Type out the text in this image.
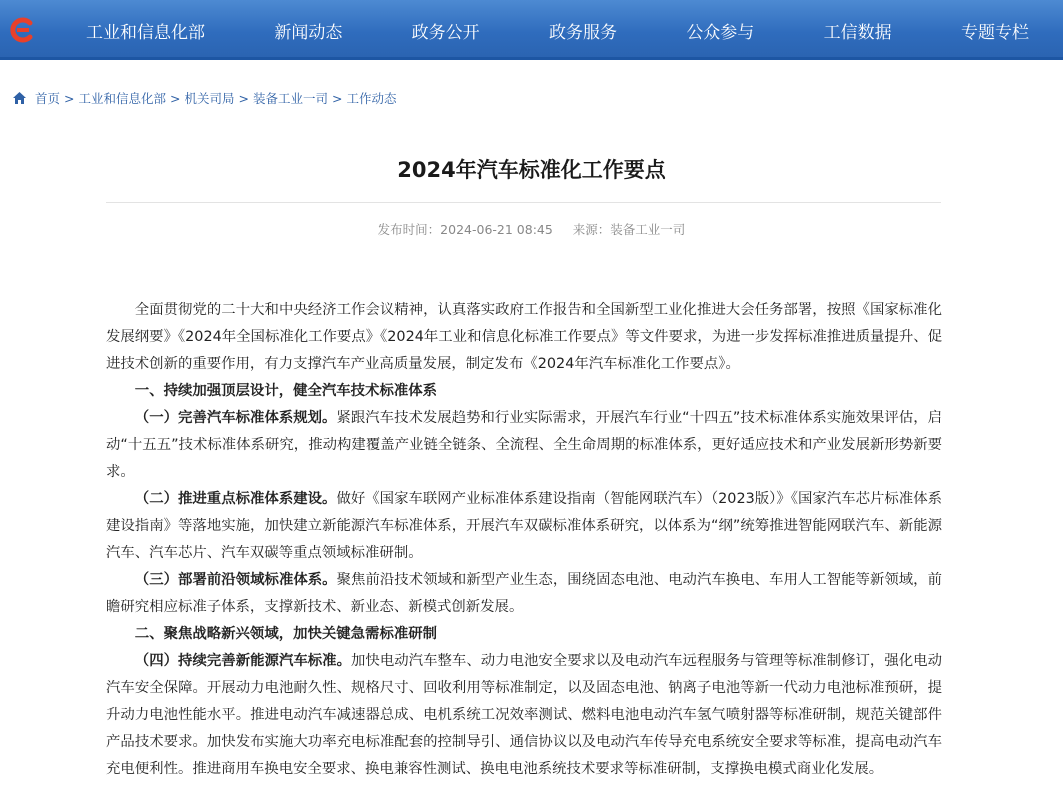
工业和信息化部	新闻动态	政务公开	政务服务	公众参与	工信数据	专题专栏
首页 > 工业和信息化部 > 机关司局 > 装备工业一司 > 工作动态
2024年汽车标准化工作要点
发布时间：2024-06-21 08:45 来源：装备工业一司

全面贯彻党的二十大和中央经济工作会议精神，认真落实政府工作报告和全国新型工业化推进大会任务部署，按照《国家标准化发展纲要》《2024年全国标准化工作要点》《2024年工业和信息化标准工作要点》等文件要求，为进一步发挥标准推进质量提升、促进技术创新的重要作用，有力支撑汽车产业高质量发展，制定发布《2024年汽车标准化工作要点》。

一、持续加强顶层设计，健全汽车技术标准体系

（一）完善汽车标准体系规划。紧跟汽车技术发展趋势和行业实际需求，开展汽车行业“十四五”技术标准体系实施效果评估，启动“十五五”技术标准体系研究，推动构建覆盖产业链全链条、全流程、全生命周期的标准体系，更好适应技术和产业发展新形势新要求。

（二）推进重点标准体系建设。做好《国家车联网产业标准体系建设指南（智能网联汽车）（2023版）》《国家汽车芯片标准体系建设指南》等落地实施，加快建立新能源汽车标准体系，开展汽车双碳标准体系研究，以体系为“纲”统筹推进智能网联汽车、新能源汽车、汽车芯片、汽车双碳等重点领域标准研制。

（三）部署前沿领域标准体系。聚焦前沿技术领域和新型产业生态，围绕固态电池、电动汽车换电、车用人工智能等新领域，前瞻研究相应标准子体系，支撑新技术、新业态、新模式创新发展。

二、聚焦战略新兴领域，加快关键急需标准研制

（四）持续完善新能源汽车标准。加快电动汽车整车、动力电池安全要求以及电动汽车远程服务与管理等标准制修订，强化电动汽车安全保障。开展动力电池耐久性、规格尺寸、回收利用等标准制定，以及固态电池、钠离子电池等新一代动力电池标准预研，提升动力电池性能水平。推进电动汽车减速器总成、电机系统工况效率测试、燃料电池电动汽车氢气喷射器等标准研制，规范关键部件产品技术要求。加快发布实施大功率充电标准配套的控制导引、通信协议以及电动汽车传导充电系统安全要求等标准，提高电动汽车充电便利性。推进商用车换电安全要求、换电兼容性测试、换电电池系统技术要求等标准研制，支撑换电模式商业化发展。
